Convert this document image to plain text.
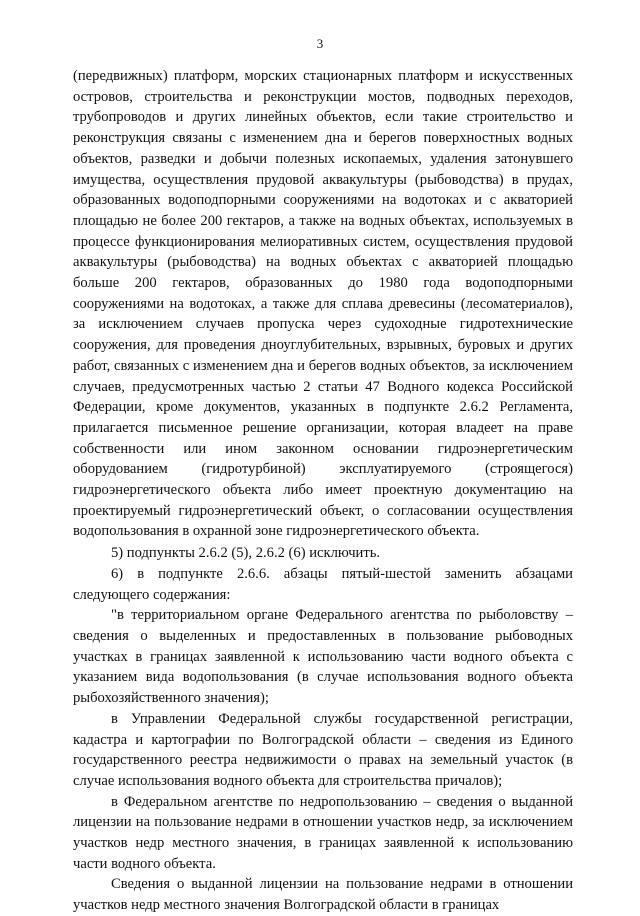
3

(передвижных) платформ, морских стационарных платформ и искусственных островов, строительства и реконструкции мостов, подводных переходов, трубопроводов и других линейных объектов, если такие строительство и реконструкция связаны с изменением дна и берегов поверхностных водных объектов, разведки и добычи полезных ископаемых, удаления затонувшего имущества, осуществления прудовой аквакультуры (рыбоводства) в прудах, образованных водоподпорными сооружениями на водотоках и с акваторией площадью не более 200 гектаров, а также на водных объектах, используемых в процессе функционирования мелиоративных систем, осуществления прудовой аквакультуры (рыбоводства) на водных объектах с акваторией площадью больше 200 гектаров, образованных до 1980 года водоподпорными сооружениями на водотоках, а также для сплава древесины (лесоматериалов), за исключением случаев пропуска через судоходные гидротехнические сооружения, для проведения дноуглубительных, взрывных, буровых и других работ, связанных с изменением дна и берегов водных объектов, за исключением случаев, предусмотренных частью 2 статьи 47 Водного кодекса Российской Федерации, кроме документов, указанных в подпункте 2.6.2 Регламента, прилагается письменное решение организации, которая владеет на праве собственности или ином законном основании гидроэнергетическим оборудованием (гидротурбиной) эксплуатируемого (строящегося) гидроэнергетического объекта либо имеет проектную документацию на проектируемый гидроэнергетический объект, о согласовании осуществления водопользования в охранной зоне гидроэнергетического объекта.

5) подпункты 2.6.2 (5), 2.6.2 (6) исключить.

6) в подпункте 2.6.6. абзацы пятый-шестой заменить абзацами следующего содержания:

"в территориальном органе Федерального агентства по рыболовству – сведения о выделенных и предоставленных в пользование рыбоводных участках в границах заявленной к использованию части водного объекта с указанием вида водопользования (в случае использования водного объекта рыбохозяйственного значения);

в Управлении Федеральной службы государственной регистрации, кадастра и картографии по Волгоградской области – сведения из Единого государственного реестра недвижимости о правах на земельный участок (в случае использования водного объекта для строительства причалов);

в Федеральном агентстве по недропользованию – сведения о выданной лицензии на пользование недрами в отношении участков недр, за исключением участков недр местного значения, в границах заявленной к использованию части водного объекта.

Сведения о выданной лицензии на пользование недрами в отношении участков недр местного значения Волгоградской области в границах
